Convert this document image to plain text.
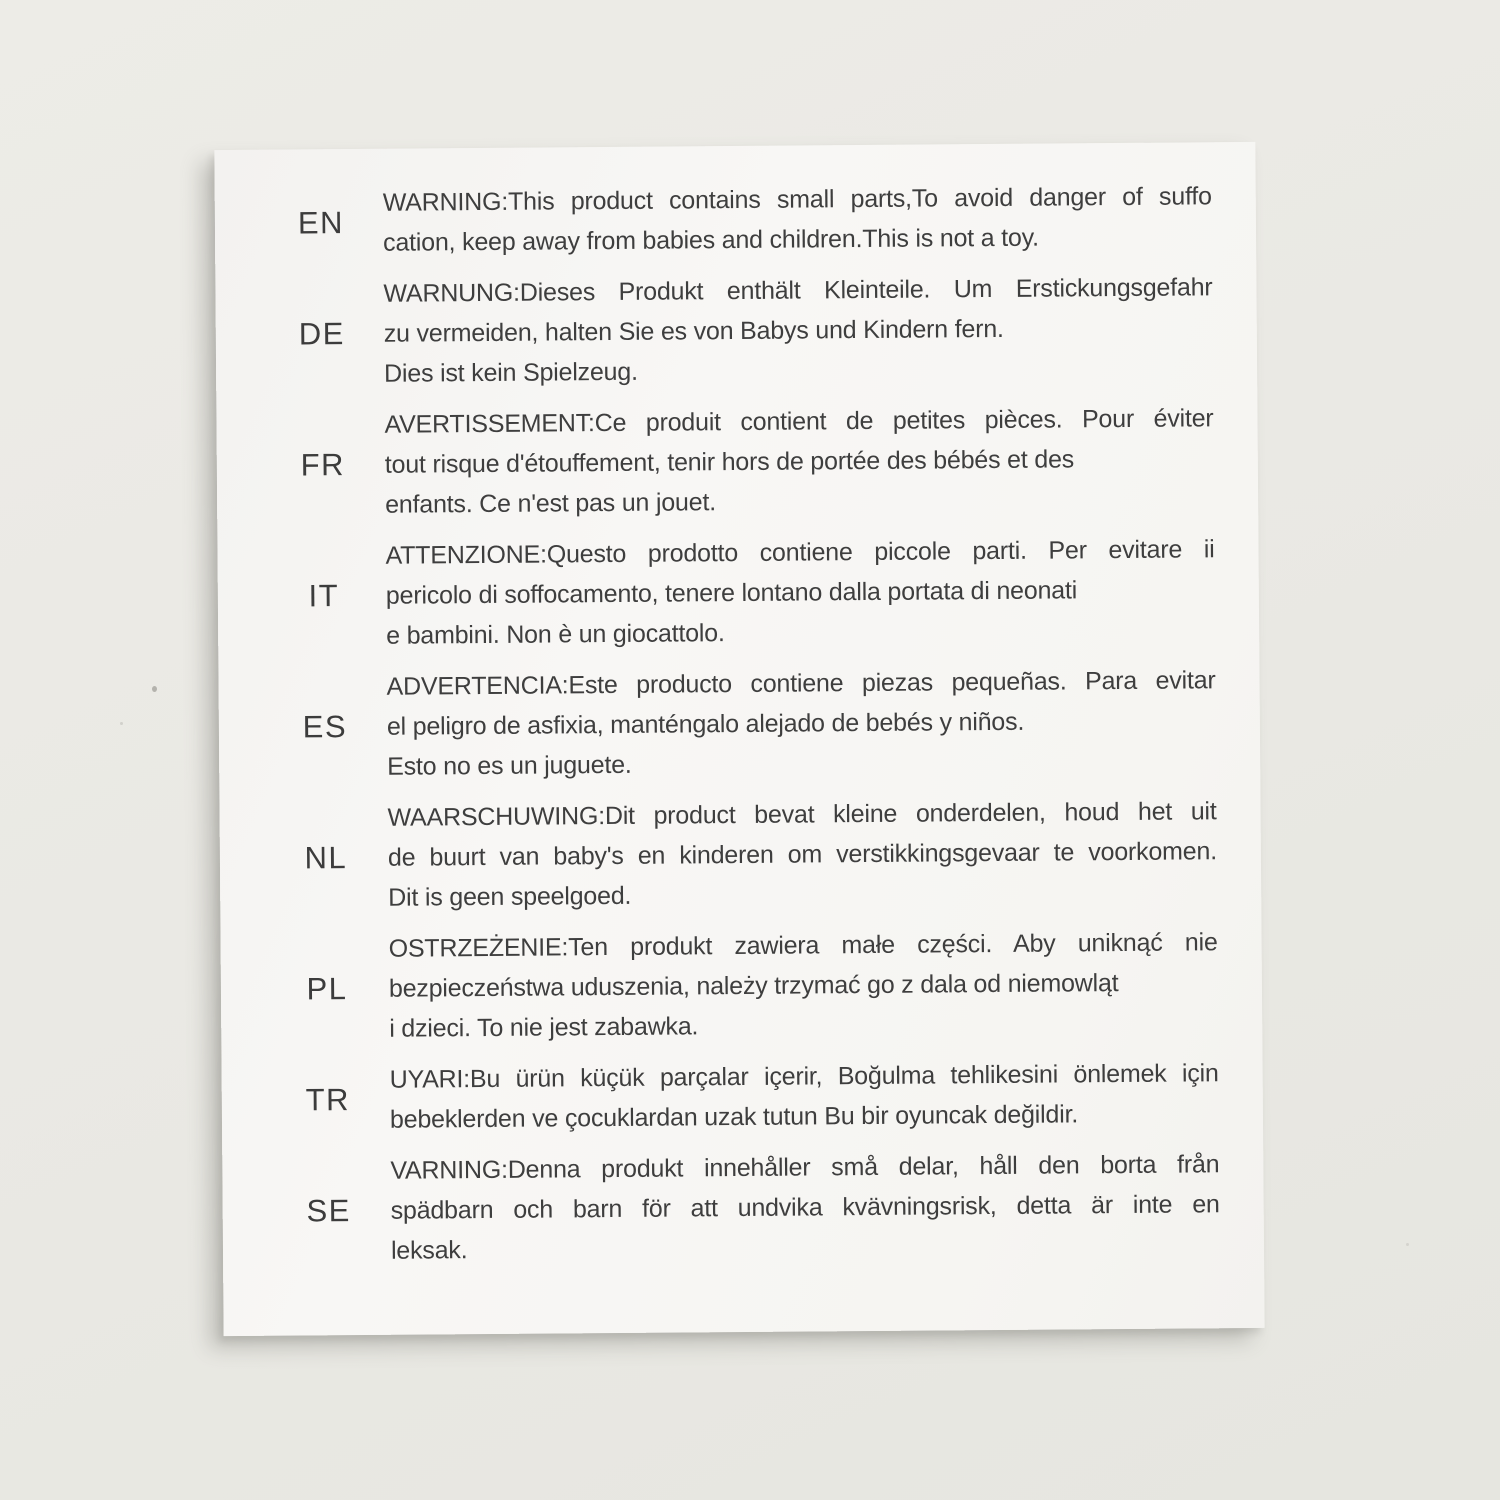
EN
WARNING:This product contains small parts,To avoid danger of suffo
cation, keep away from babies and children.This is not a toy.
DE
WARNUNG:Dieses Produkt enthält Kleinteile. Um Erstickungsgefahr
zu vermeiden, halten Sie es von Babys und Kindern fern.
Dies ist kein Spielzeug.
FR
AVERTISSEMENT:Ce produit contient de petites pièces. Pour éviter
tout risque d'étouffement, tenir hors de portée des bébés et des
enfants. Ce n'est pas un jouet.
IT
ATTENZIONE:Questo prodotto contiene piccole parti. Per evitare ii
pericolo di soffocamento, tenere lontano dalla portata di neonati
e bambini. Non è un giocattolo.
ES
ADVERTENCIA:Este producto contiene piezas pequeñas. Para evitar
el peligro de asfixia, manténgalo alejado de bebés y niños.
Esto no es un juguete.
NL
WAARSCHUWING:Dit product bevat kleine onderdelen, houd het uit
de buurt van baby's en kinderen om verstikkingsgevaar te voorkomen.
Dit is geen speelgoed.
PL
OSTRZEŻENIE:Ten produkt zawiera małe części. Aby uniknąć nie
bezpieczeństwa uduszenia, należy trzymać go z dala od niemowląt
i dzieci. To nie jest zabawka.
TR
UYARI:Bu ürün küçük parçalar içerir, Boğulma tehlikesini önlemek için
bebeklerden ve çocuklardan uzak tutun Bu bir oyuncak değildir.
SE
VARNING:Denna produkt innehåller små delar, håll den borta från
spädbarn och barn för att undvika kvävningsrisk, detta är inte en
leksak.
